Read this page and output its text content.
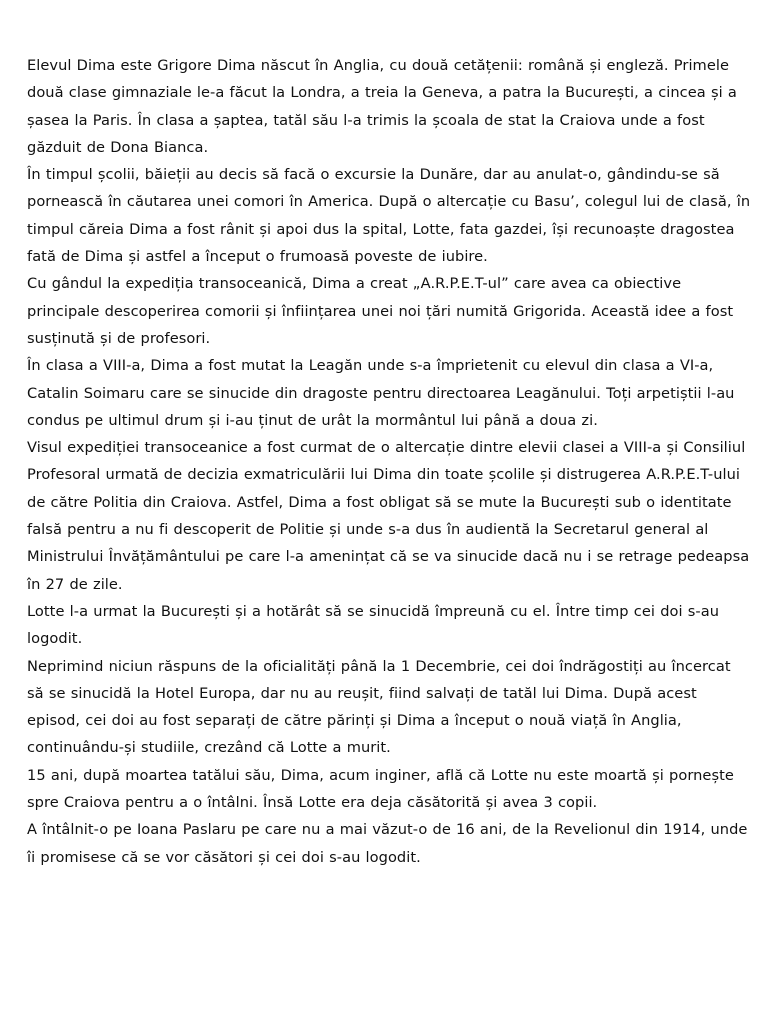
Elevul Dima este Grigore Dima născut în Anglia, cu două cetățenii: română și engleză. Primele două clase gimnaziale le-a făcut la Londra, a treia la Geneva, a patra la București, a cincea și a șasea la Paris. În clasa a șaptea, tatăl său l-a trimis la școala de stat la Craiova unde a fost găzduit de Dona Bianca.

În timpul școlii, băieții au decis să facă o excursie la Dunăre, dar au anulat-o, gândindu-se să pornească în căutarea unei comori în America. După o altercație cu Basu’, colegul lui de clasă, în timpul căreia Dima a fost rânit și apoi dus la spital, Lotte, fata gazdei, își recunoaște dragostea fată de Dima și astfel a început o frumoasă poveste de iubire.

Cu gândul la expediția transoceanică, Dima a creat „A.R.P.E.T-ul” care avea ca obiective principale descoperirea comorii și înființarea unei noi țări numită Grigorida. Această idee a fost susținută și de profesori.

În clasa a VIII-a, Dima a fost mutat la Leagăn unde s-a împrietenit cu elevul din clasa a VI-a, Catalin Soimaru care se sinucide din dragoste pentru directoarea Leagănului. Toți arpetiștii l-au condus pe ultimul drum și i-au ținut de urât la mormântul lui până a doua zi.

Visul expediției transoceanice a fost curmat de o altercație dintre elevii clasei a VIII-a și Consiliul Profesoral urmată de decizia exmatriculării lui Dima din toate școlile și distrugerea A.R.P.E.T-ului de către Politia din Craiova. Astfel, Dima a fost obligat să se mute la București sub o identitate falsă pentru a nu fi descoperit de Politie și unde s-a dus în audientă la Secretarul general al Ministrului Învățământului pe care l-a amenințat că se va sinucide dacă nu i se retrage pedeapsa în 27 de zile.

Lotte l-a urmat la București și a hotărât să se sinucidă împreună cu el. Între timp cei doi s-au logodit.

Neprimind niciun răspuns de la oficialități până la 1 Decembrie, cei doi îndrăgostiți au încercat să se sinucidă la Hotel Europa, dar nu au reușit, fiind salvați de tatăl lui Dima. După acest episod, cei doi au fost separați de către părinți și Dima a început o nouă viață în Anglia, continuându-și studiile, crezând că Lotte a murit.

15 ani, după moartea tatălui său, Dima, acum inginer, află că Lotte nu este moartă și pornește spre Craiova pentru a o întâlni. Însă Lotte era deja căsătorită și avea 3 copii.

A întâlnit-o pe Ioana Paslaru pe care nu a mai văzut-o de 16 ani, de la Revelionul din 1914, unde îi promisese că se vor căsători și cei doi s-au logodit.
